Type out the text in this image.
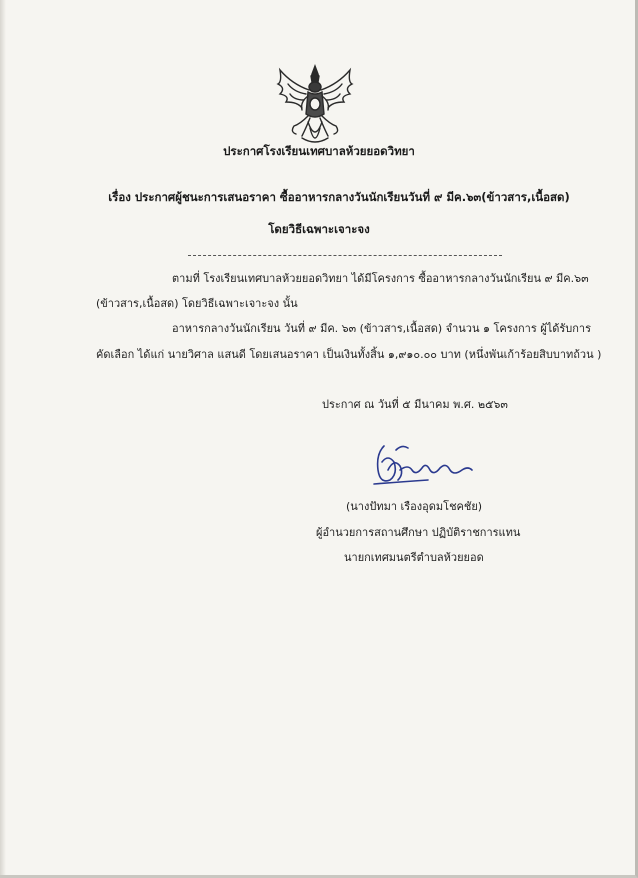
ประกาศโรงเรียนเทศบาลห้วยยอดวิทยา
เรื่อง ประกาศผู้ชนะการเสนอราคา ซื้ออาหารกลางวันนักเรียนวันที่ ๙ มีค.๖๓(ข้าวสาร,เนื้อสด)
โดยวิธีเฉพาะเจาะจง
ตามที่ โรงเรียนเทศบาลห้วยยอดวิทยา ได้มีโครงการ ซื้ออาหารกลางวันนักเรียน ๙ มีค.๖๓
(ข้าวสาร,เนื้อสด) โดยวิธีเฉพาะเจาะจง นั้น
อาหารกลางวันนักเรียน วันที่ ๙ มีค. ๖๓ (ข้าวสาร,เนื้อสด) จำนวน ๑ โครงการ ผู้ได้รับการ
คัดเลือก ได้แก่ นายวิศาล แสนดี โดยเสนอราคา เป็นเงินทั้งสิ้น ๑,๙๑๐.๐๐ บาท (หนึ่งพันเก้าร้อยสิบบาทถ้วน )
ประกาศ ณ วันที่ ๕ มีนาคม พ.ศ. ๒๕๖๓
(นางปัทมา เรืองอุดมโชคชัย)
ผู้อำนวยการสถานศึกษา ปฏิบัติราชการแทน
นายกเทศมนตรีตำบลห้วยยอด
